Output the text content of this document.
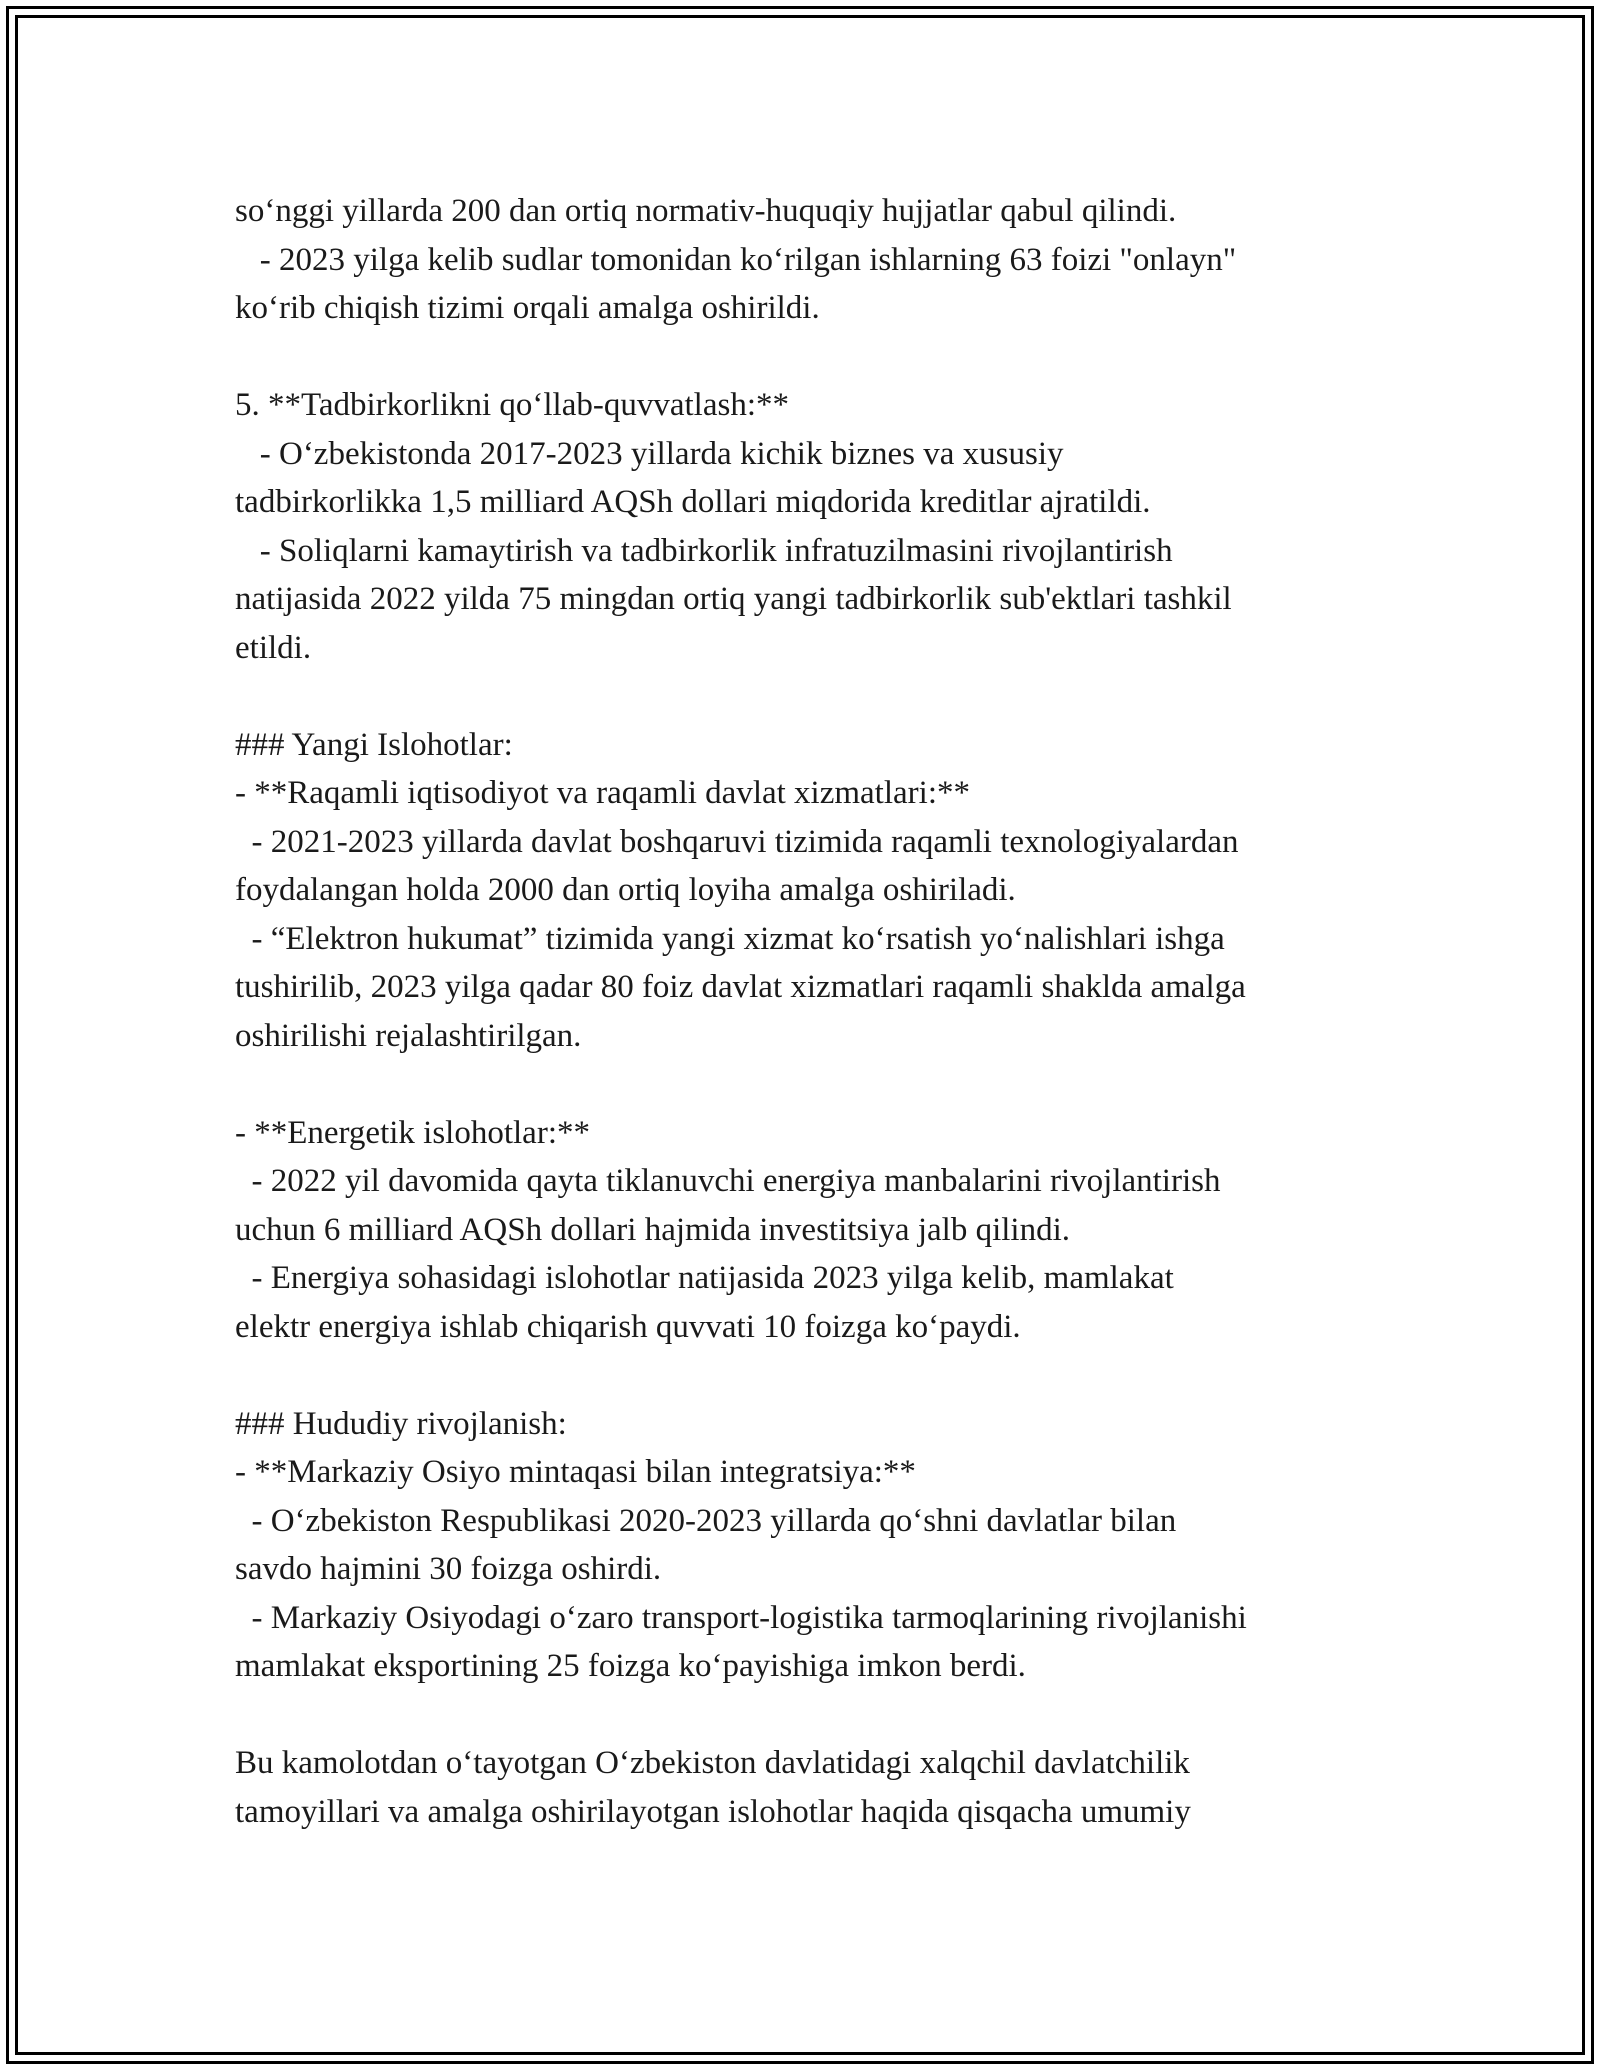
so‘nggi yillarda 200 dan ortiq normativ-huquqiy hujjatlar qabul qilindi.
- 2023 yilga kelib sudlar tomonidan ko‘rilgan ishlarning 63 foizi "onlayn"
ko‘rib chiqish tizimi orqali amalga oshirildi.
5. **Tadbirkorlikni qo‘llab-quvvatlash:**
- O‘zbekistonda 2017-2023 yillarda kichik biznes va xususiy
tadbirkorlikka 1,5 milliard AQSh dollari miqdorida kreditlar ajratildi.
- Soliqlarni kamaytirish va tadbirkorlik infratuzilmasini rivojlantirish
natijasida 2022 yilda 75 mingdan ortiq yangi tadbirkorlik sub'ektlari tashkil
etildi.
### Yangi Islohotlar:
- **Raqamli iqtisodiyot va raqamli davlat xizmatlari:**
- 2021-2023 yillarda davlat boshqaruvi tizimida raqamli texnologiyalardan
foydalangan holda 2000 dan ortiq loyiha amalga oshiriladi.
- “Elektron hukumat” tizimida yangi xizmat ko‘rsatish yo‘nalishlari ishga
tushirilib, 2023 yilga qadar 80 foiz davlat xizmatlari raqamli shaklda amalga
oshirilishi rejalashtirilgan.
- **Energetik islohotlar:**
- 2022 yil davomida qayta tiklanuvchi energiya manbalarini rivojlantirish
uchun 6 milliard AQSh dollari hajmida investitsiya jalb qilindi.
- Energiya sohasidagi islohotlar natijasida 2023 yilga kelib, mamlakat
elektr energiya ishlab chiqarish quvvati 10 foizga ko‘paydi.
### Hududiy rivojlanish:
- **Markaziy Osiyo mintaqasi bilan integratsiya:**
- O‘zbekiston Respublikasi 2020-2023 yillarda qo‘shni davlatlar bilan
savdo hajmini 30 foizga oshirdi.
- Markaziy Osiyodagi o‘zaro transport-logistika tarmoqlarining rivojlanishi
mamlakat eksportining 25 foizga ko‘payishiga imkon berdi.
Bu kamolotdan o‘tayotgan O‘zbekiston davlatidagi xalqchil davlatchilik
tamoyillari va amalga oshirilayotgan islohotlar haqida qisqacha umumiy
